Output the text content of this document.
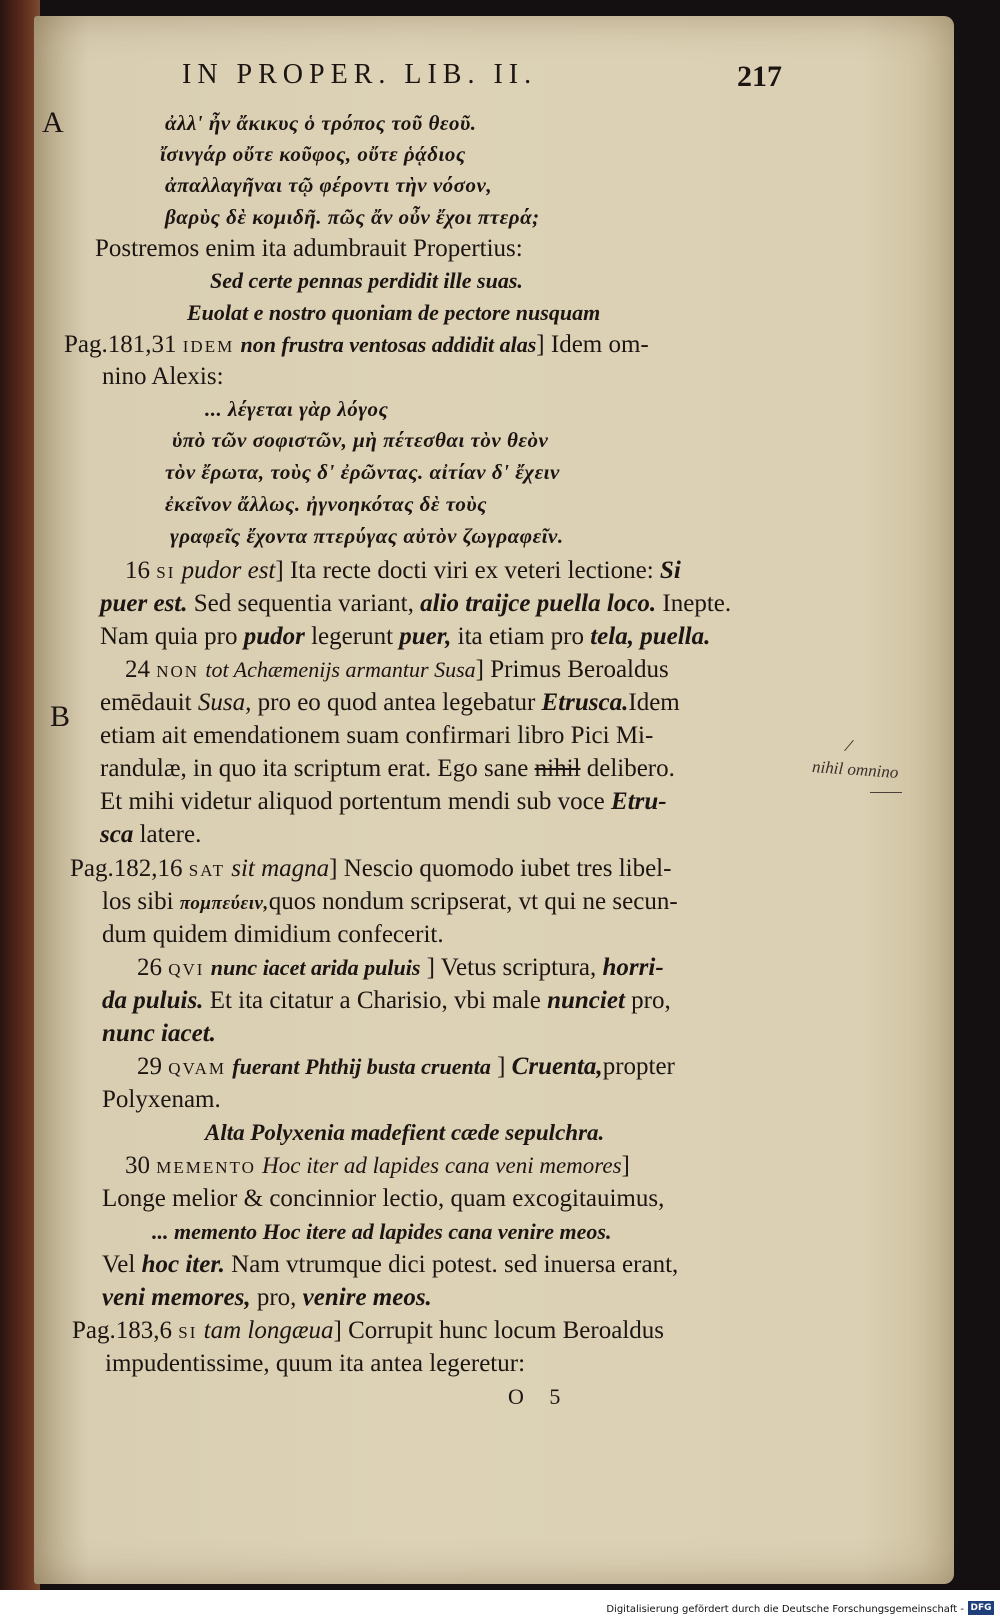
IN PROPER. LIB. II.	217
A
B
ἀλλ' ἦν ἄκικυς ὁ τρόπος τοῦ θεοῦ.
ἴσινγάρ οὔτε κοῦφος, οὔτε ῥᾴδιος
ἀπαλλαγῆναι τῷ φέροντι τὴν νόσον,
βαρὺς δὲ κομιδῆ. πῶς ἄν οὖν ἔχοι πτερά;
Postremos enim ita adumbrauit Propertius:
Sed certe pennas perdidit ille suas.
Euolat e nostro quoniam de pectore nusquam
Pag.181,31 IDEM non frustra ventosas addidit alas] Idem om-
nino Alexis:
... λέγεται γὰρ λόγος
ὑπὸ τῶν σοφιστῶν, μὴ πέτεσθαι τὸν θεὸν
τὸν ἔρωτα, τοὺς δ' ἐρῶντας. αἰτίαν δ' ἔχειν
ἐκεῖνον ἄλλως. ἠγνοηκότας δὲ τοὺς
γραφεῖς ἔχοντα πτερύγας αὐτὸν ζωγραφεῖν.
16 SI pudor est] Ita recte docti viri ex veteri lectione: Si
puer est. Sed sequentia variant, alio traijce puella loco. Inepte.
Nam quia pro pudor legerunt puer, ita etiam pro tela, puella.
24 NON tot Achæmenijs armantur Susa] Primus Beroaldus
emēdauit Susa, pro eo quod antea legebatur Etrusca.Idem
etiam ait emendationem suam confirmari libro Pici Mi-
randulæ, in quo ita scriptum erat. Ego sane nihil delibero.
Et mihi videtur aliquod portentum mendi sub voce Etru-
sca latere.
nihil omnino
Pag.182,16 SAT sit magna] Nescio quomodo iubet tres libel-
los sibi πομπεύειν,quos nondum scripserat, vt qui ne secun-
dum quidem dimidium confecerit.
26 QVI nunc iacet arida puluis ] Vetus scriptura, horri-
da puluis. Et ita citatur a Charisio, vbi male nunciet pro,
nunc iacet.
29 QVAM fuerant Phthij busta cruenta ] Cruenta,propter
Polyxenam.
Alta Polyxenia madefient cæde sepulchra.
30 MEMENTO Hoc iter ad lapides cana veni memores]
Longe melior & concinnior lectio, quam excogitauimus,
... memento Hoc itere ad lapides cana venire meos.
Vel hoc iter. Nam vtrumque dici potest. sed inuersa erant,
veni memores, pro, venire meos.
Pag.183,6 SI tam longæua] Corrupit hunc locum Beroaldus
impudentissime, quum ita antea legeretur:
O 5
Digitalisierung gefördert durch die Deutsche Forschungsgemeinschaft - DFG
